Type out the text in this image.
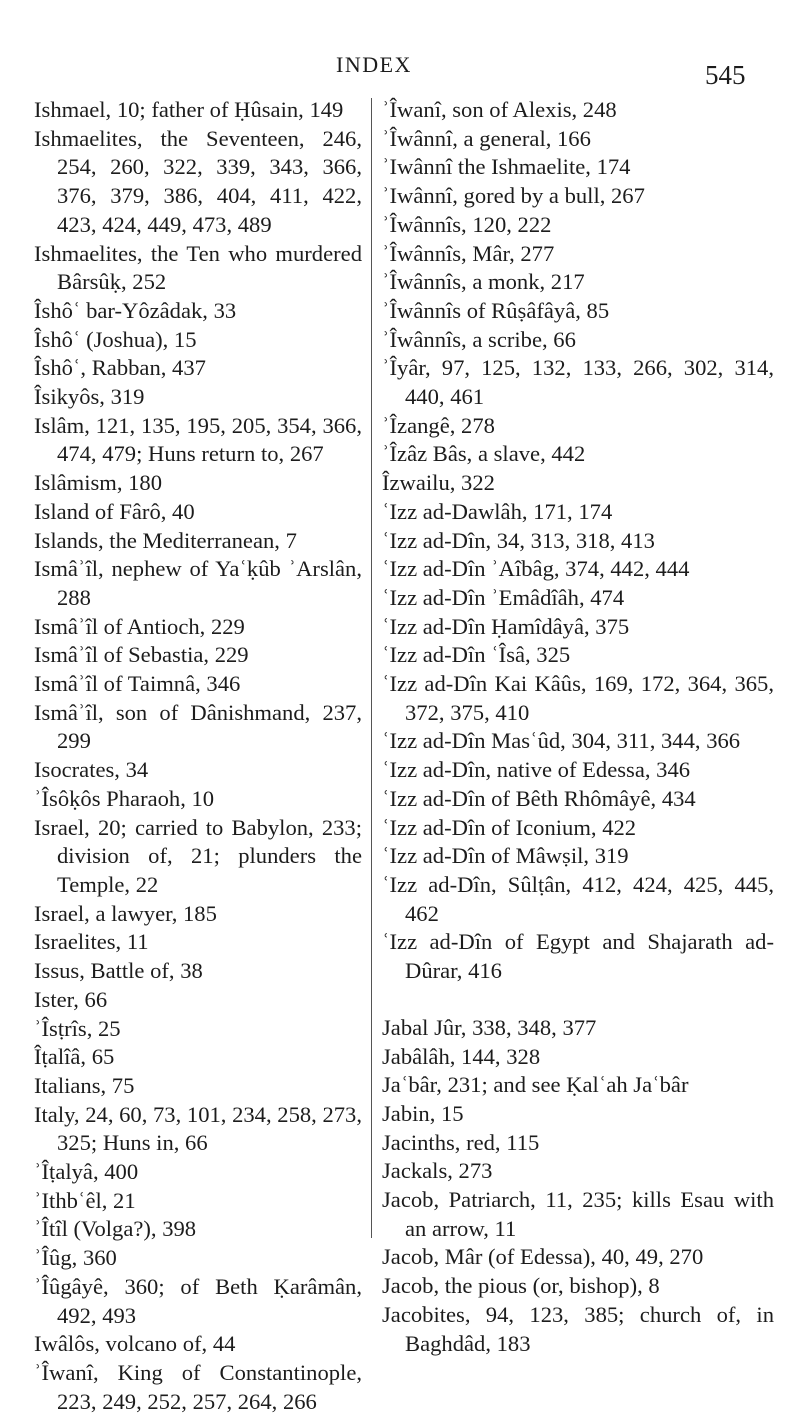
INDEX	545
Ishmael, 10; father of Ḥûsain, 149
Ishmaelites, the Seventeen, 246, 254, 260, 322, 339, 343, 366, 376, 379, 386, 404, 411, 422, 423, 424, 449, 473, 489
Ishmaelites, the Ten who murdered Bârsûḳ, 252
Îshôʿ bar-Yôzâdak, 33
Îshôʿ (Joshua), 15
Îshôʿ, Rabban, 437
Îsikyôs, 319
Islâm, 121, 135, 195, 205, 354, 366, 474, 479; Huns return to, 267
Islâmism, 180
Island of Fârô, 40
Islands, the Mediterranean, 7
Ismâʾîl, nephew of Yaʿḳûb ʾArslân, 288
Ismâʾîl of Antioch, 229
Ismâʾîl of Sebastia, 229
Ismâʾîl of Taimnâ, 346
Ismâʾîl, son of Dânishmand, 237, 299
Isocrates, 34
ʾÎsôḳôs Pharaoh, 10
Israel, 20; carried to Babylon, 233; division of, 21; plunders the Temple, 22
Israel, a lawyer, 185
Israelites, 11
Issus, Battle of, 38
Ister, 66
ʾÎsṭrîs, 25
Îṭalîâ, 65
Italians, 75
Italy, 24, 60, 73, 101, 234, 258, 273, 325; Huns in, 66
ʾÎṭalyâ, 400
ʾIthbʿêl, 21
ʾÎtîl (Volga?), 398
ʾÎûg, 360
ʾÎûgâyê, 360; of Beth Ḳarâmân, 492, 493
Iwâlôs, volcano of, 44
ʾÎwanî, King of Constantinople, 223, 249, 252, 257, 264, 266
ʾÎwanî, son of Alexis, 248
ʾÎwânnî, a general, 166
ʾIwânnî the Ishmaelite, 174
ʾIwânnî, gored by a bull, 267
ʾÎwânnîs, 120, 222
ʾÎwânnîs, Mâr, 277
ʾÎwânnîs, a monk, 217
ʾÎwânnîs of Rûṣâfâyâ, 85
ʾÎwânnîs, a scribe, 66
ʾÎyâr, 97, 125, 132, 133, 266, 302, 314, 440, 461
ʾÎzangê, 278
ʾÎzâz Bâs, a slave, 442
Îzwailu, 322
ʿIzz ad-Dawlâh, 171, 174
ʿIzz ad-Dîn, 34, 313, 318, 413
ʿIzz ad-Dîn ʾAîbâg, 374, 442, 444
ʿIzz ad-Dîn ʾEmâdîâh, 474
ʿIzz ad-Dîn Ḥamîdâyâ, 375
ʿIzz ad-Dîn ʿÎsâ, 325
ʿIzz ad-Dîn Kai Kâûs, 169, 172, 364, 365, 372, 375, 410
ʿIzz ad-Dîn Masʿûd, 304, 311, 344, 366
ʿIzz ad-Dîn, native of Edessa, 346
ʿIzz ad-Dîn of Bêth Rhômâyê, 434
ʿIzz ad-Dîn of Iconium, 422
ʿIzz ad-Dîn of Mâwṣil, 319
ʿIzz ad-Dîn, Sûlṭân, 412, 424, 425, 445, 462
ʿIzz ad-Dîn of Egypt and Shajarath ad-Dûrar, 416
Jabal Jûr, 338, 348, 377
Jabâlâh, 144, 328
Jaʿbâr, 231; and see Ḳalʿah Jaʿbâr
Jabin, 15
Jacinths, red, 115
Jackals, 273
Jacob, Patriarch, 11, 235; kills Esau with an arrow, 11
Jacob, Mâr (of Edessa), 40, 49, 270
Jacob, the pious (or, bishop), 8
Jacobites, 94, 123, 385; church of, in Baghdâd, 183
